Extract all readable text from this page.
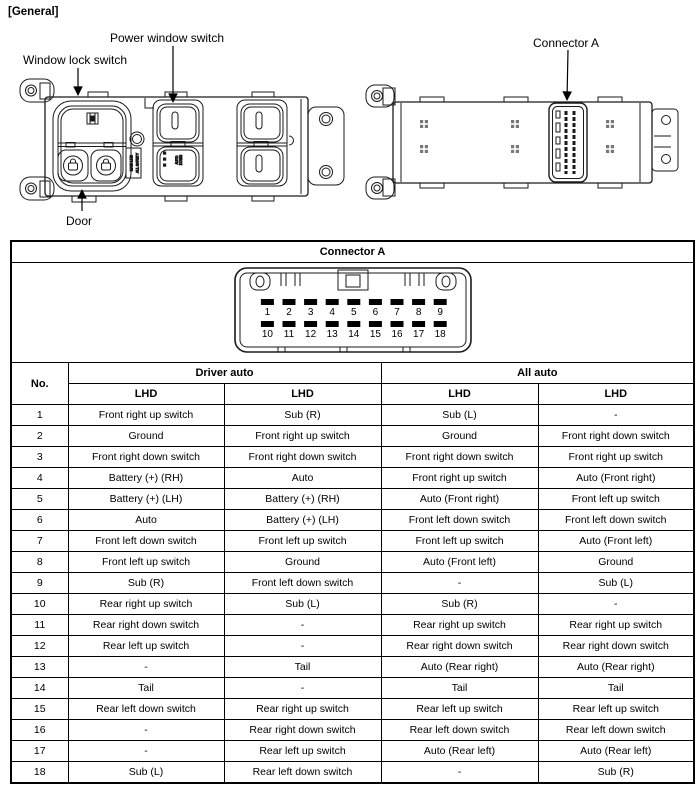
MAIN LHD ALL SAFETY	AUTO DOWN
[General]
Power window switch
Window lock switch
Door
Connector A
Connector A				

1 2 3 4 5 6 7 8 9
10 11 12 13 14 15 16 17 18

No.	Driver auto		All auto	
	LHD	LHD	LHD	LHD
1	Front right up switch	Sub (R)	Sub (L)	-
2	Ground	Front right up switch	Ground	Front right down switch
3	Front right down switch	Front right down switch	Front right down switch	Front right up switch
4	Battery (+) (RH)	Auto	Front right up switch	Auto (Front right)
5	Battery (+) (LH)	Battery (+) (RH)	Auto (Front right)	Front left up switch
6	Auto	Battery (+) (LH)	Front left down switch	Front left down switch
7	Front left down switch	Front left up switch	Front left up switch	Auto (Front left)
8	Front left up switch	Ground	Auto (Front left)	Ground
9	Sub (R)	Front left down switch	-	Sub (L)
10	Rear right up switch	Sub (L)	Sub (R)	-
11	Rear right down switch	-	Rear right up switch	Rear right up switch
12	Rear left up switch	-	Rear right down switch	Rear right down switch
13	-	Tail	Auto (Rear right)	Auto (Rear right)
14	Tail	-	Tail	Tail
15	Rear left down switch	Rear right up switch	Rear left up switch	Rear left up switch
16	-	Rear right down switch	Rear left down switch	Rear left down switch
17	-	Rear left up switch	Auto (Rear left)	Auto (Rear left)
18	Sub (L)	Rear left down switch	-	Sub (R)
